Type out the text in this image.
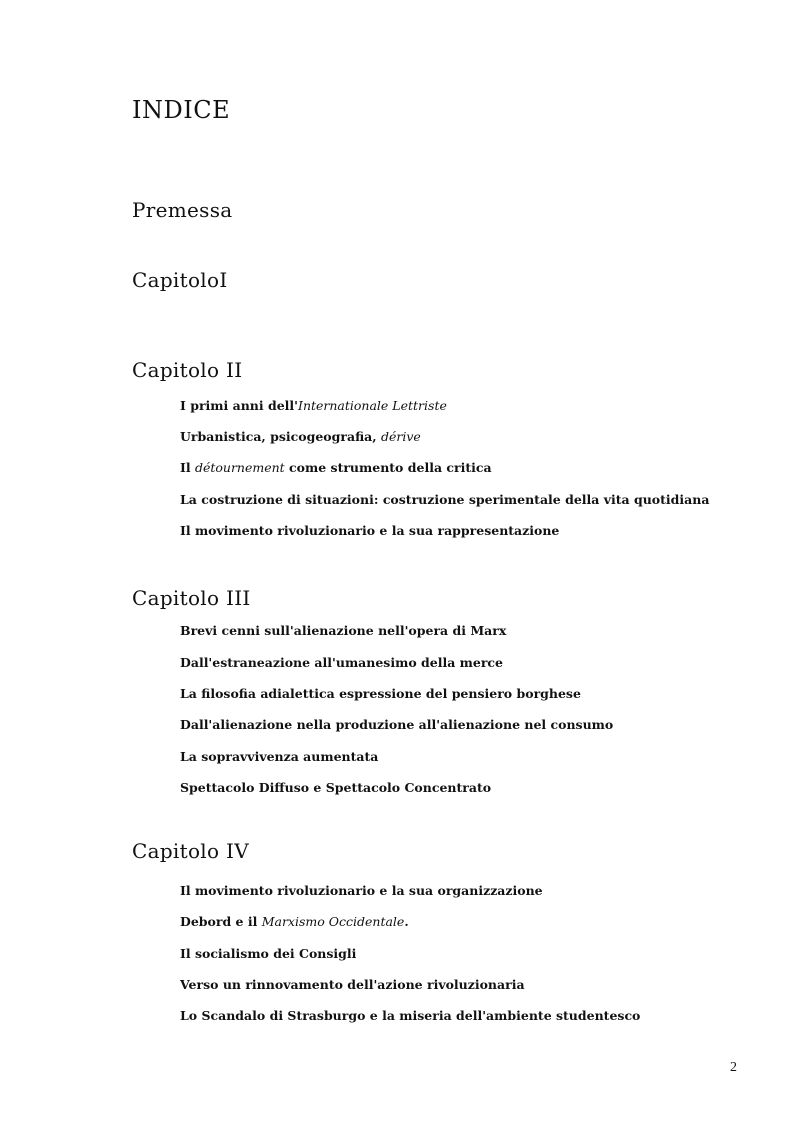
INDICE
Premessa
CapitoloI
Capitolo II

I primi anni dell'Internationale Lettriste

Urbanistica, psicogeografia, dérive

Il détournement come strumento della critica

La costruzione di situazioni: costruzione sperimentale della vita quotidiana

Il movimento rivoluzionario e la sua rappresentazione

Capitolo III

Brevi cenni sull'alienazione nell'opera di Marx

Dall'estraneazione all'umanesimo della merce

La filosofia adialettica espressione del pensiero borghese

Dall'alienazione nella produzione all'alienazione nel consumo

La sopravvivenza aumentata

Spettacolo Diffuso e Spettacolo Concentrato

Capitolo IV

Il movimento rivoluzionario e la sua organizzazione

Debord e il Marxismo Occidentale.

Il socialismo dei Consigli

Verso un rinnovamento dell'azione rivoluzionaria

Lo Scandalo di Strasburgo e la miseria dell'ambiente studentesco

2
